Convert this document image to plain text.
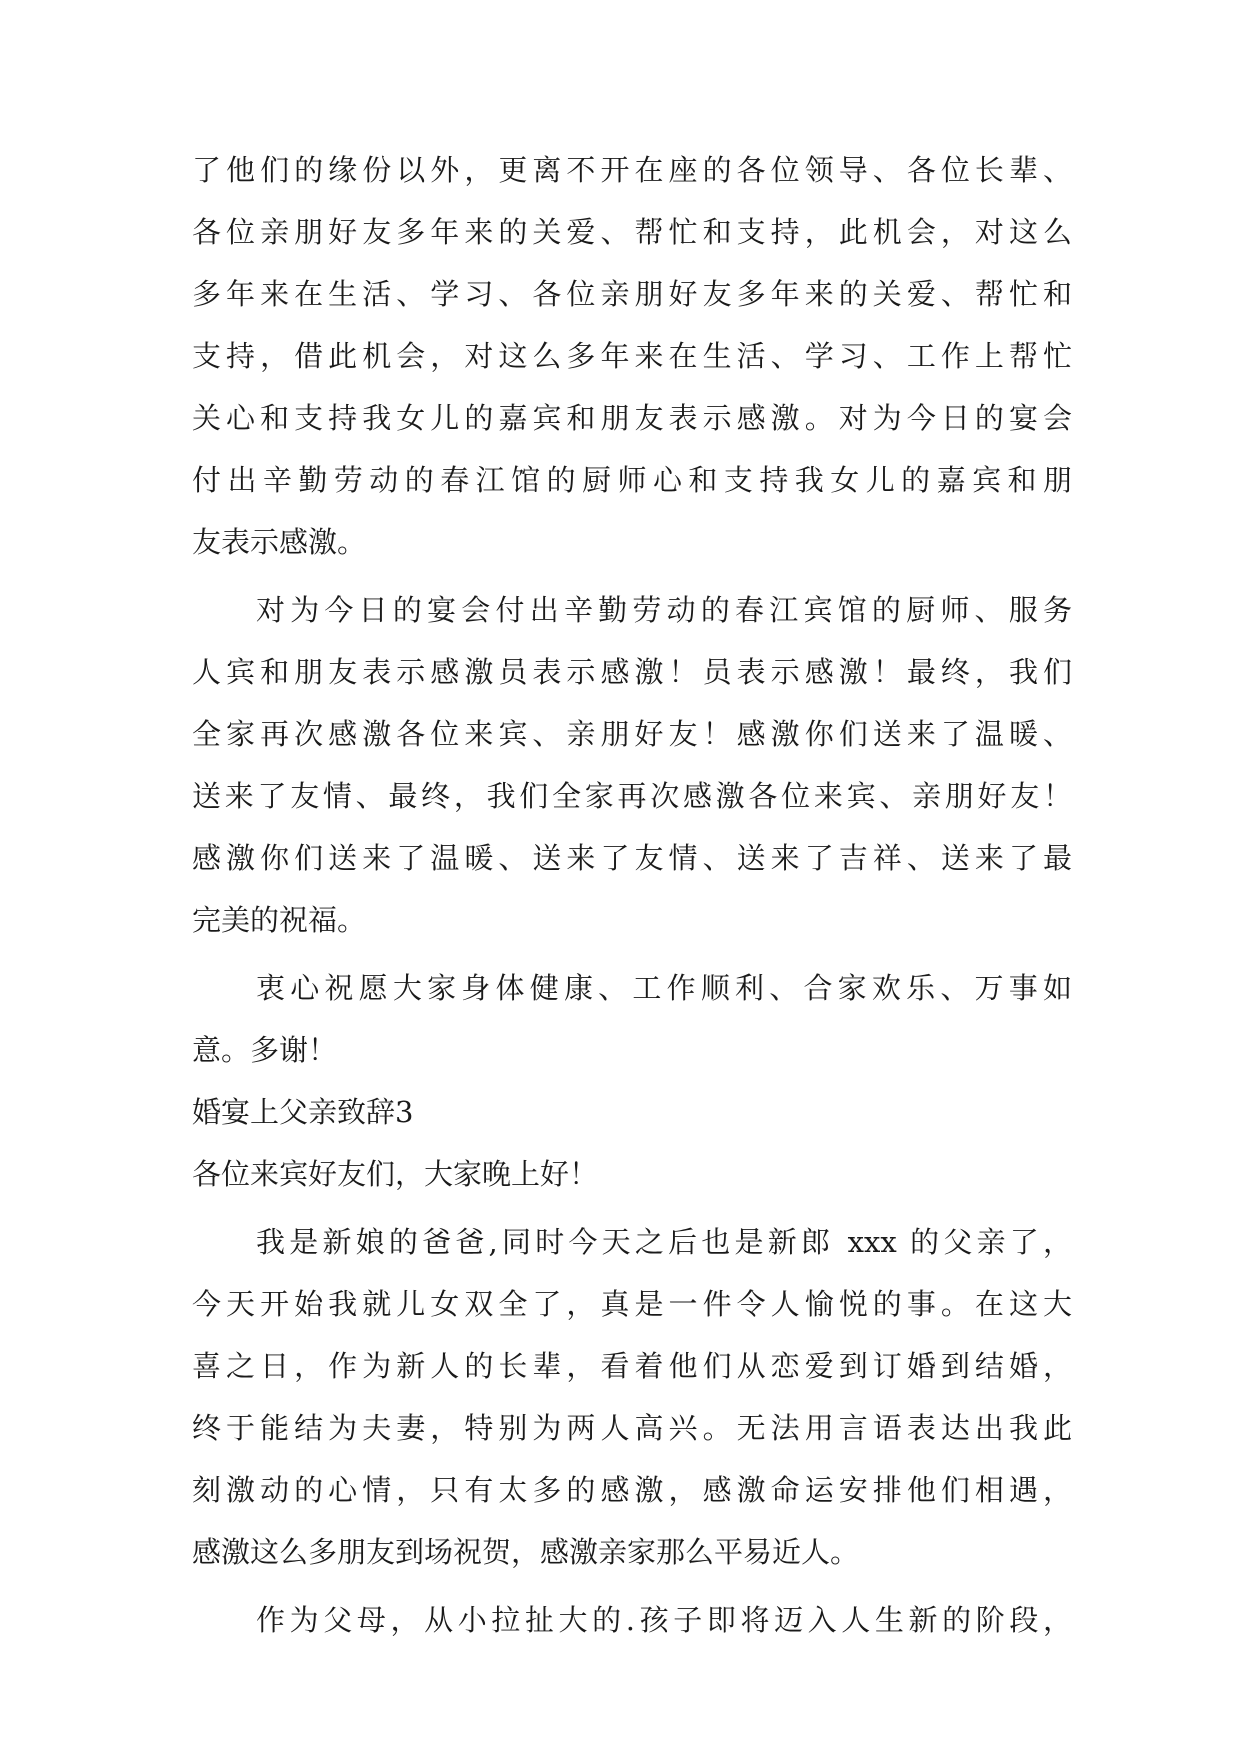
了他们的缘份以外，更离不开在座的各位领导、各位长辈、
各位亲朋好友多年来的关爱、帮忙和支持，此机会，对这么
多年来在生活、学习、各位亲朋好友多年来的关爱、帮忙和
支持，借此机会，对这么多年来在生活、学习、工作上帮忙
关心和支持我女儿的嘉宾和朋友表示感激。对为今日的宴会
付出辛勤劳动的春江馆的厨师心和支持我女儿的嘉宾和朋
友表示感激。
对为今日的宴会付出辛勤劳动的春江宾馆的厨师、服务
人宾和朋友表示感激员表示感激！员表示感激！最终，我们
全家再次感激各位来宾、亲朋好友！感激你们送来了温暖、
送来了友情、最终，我们全家再次感激各位来宾、亲朋好友！
感激你们送来了温暖、送来了友情、送来了吉祥、送来了最
完美的祝福。
衷心祝愿大家身体健康、工作顺利、合家欢乐、万事如
意。多谢！
婚宴上父亲致辞3
各位来宾好友们，大家晚上好！
我是新娘的爸爸,同时今天之后也是新郎 xxx 的父亲了，
今天开始我就儿女双全了，真是一件令人愉悦的事。在这大
喜之日，作为新人的长辈，看着他们从恋爱到订婚到结婚，
终于能结为夫妻，特别为两人高兴。无法用言语表达出我此
刻激动的心情，只有太多的感激，感激命运安排他们相遇，
感激这么多朋友到场祝贺，感激亲家那么平易近人。
作为父母，从小拉扯大的.孩子即将迈入人生新的阶段，
